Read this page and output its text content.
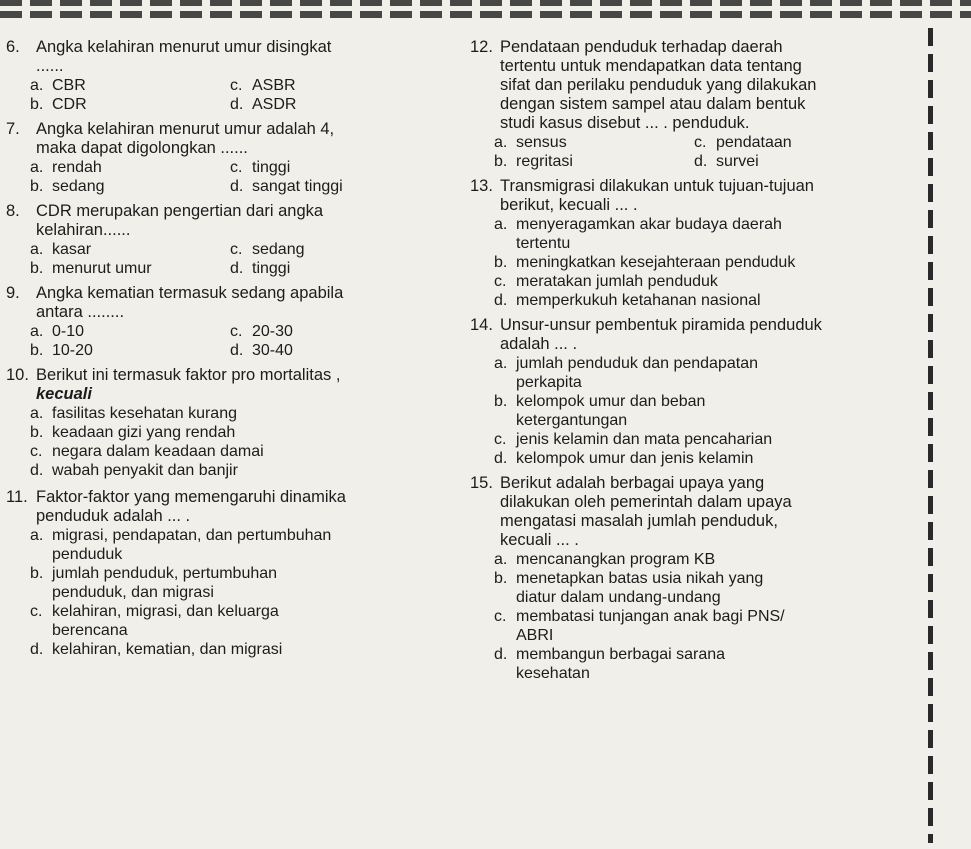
6. Angka kelahiran menurut umur disingkat
......
a. CBR	c. ASBR
b. CDR	d. ASDR
7. Angka kelahiran menurut umur adalah 4,
maka dapat digolongkan ......
a. rendah	c. tinggi
b. sedang	d. sangat tinggi
8. CDR merupakan pengertian dari angka
kelahiran......
a. kasar	c. sedang
b. menurut umur	d. tinggi
9. Angka kematian termasuk sedang apabila
antara ........
a. 0-10	c. 20-30
b. 10-20	d. 30-40
10. Berikut ini termasuk faktor pro mortalitas ,
kecuali
a. fasilitas kesehatan kurang
b. keadaan gizi yang rendah
c. negara dalam keadaan damai
d. wabah penyakit dan banjir
11. Faktor-faktor yang memengaruhi dinamika
penduduk adalah ... .
a. migrasi, pendapatan, dan pertumbuhan
penduduk
b. jumlah penduduk, pertumbuhan
penduduk, dan migrasi
c. kelahiran, migrasi, dan keluarga
berencana
d. kelahiran, kematian, dan migrasi
12. Pendataan penduduk terhadap daerah
tertentu untuk mendapatkan data tentang
sifat dan perilaku penduduk yang dilakukan
dengan sistem sampel atau dalam bentuk
studi kasus disebut ... . penduduk.
a. sensus	c. pendataan
b. regritasi	d. survei
13. Transmigrasi dilakukan untuk tujuan-tujuan
berikut, kecuali ... .
a. menyeragamkan akar budaya daerah
tertentu
b. meningkatkan kesejahteraan penduduk
c. meratakan jumlah penduduk
d. memperkukuh ketahanan nasional
14. Unsur-unsur pembentuk piramida penduduk
adalah ... .
a. jumlah penduduk dan pendapatan
perkapita
b. kelompok umur dan beban
ketergantungan
c. jenis kelamin dan mata pencaharian
d. kelompok umur dan jenis kelamin
15. Berikut adalah berbagai upaya yang
dilakukan oleh pemerintah dalam upaya
mengatasi masalah jumlah penduduk,
kecuali ... .
a. mencanangkan program KB
b. menetapkan batas usia nikah yang
diatur dalam undang-undang
c. membatasi tunjangan anak bagi PNS/
ABRI
d. membangun berbagai sarana
kesehatan
